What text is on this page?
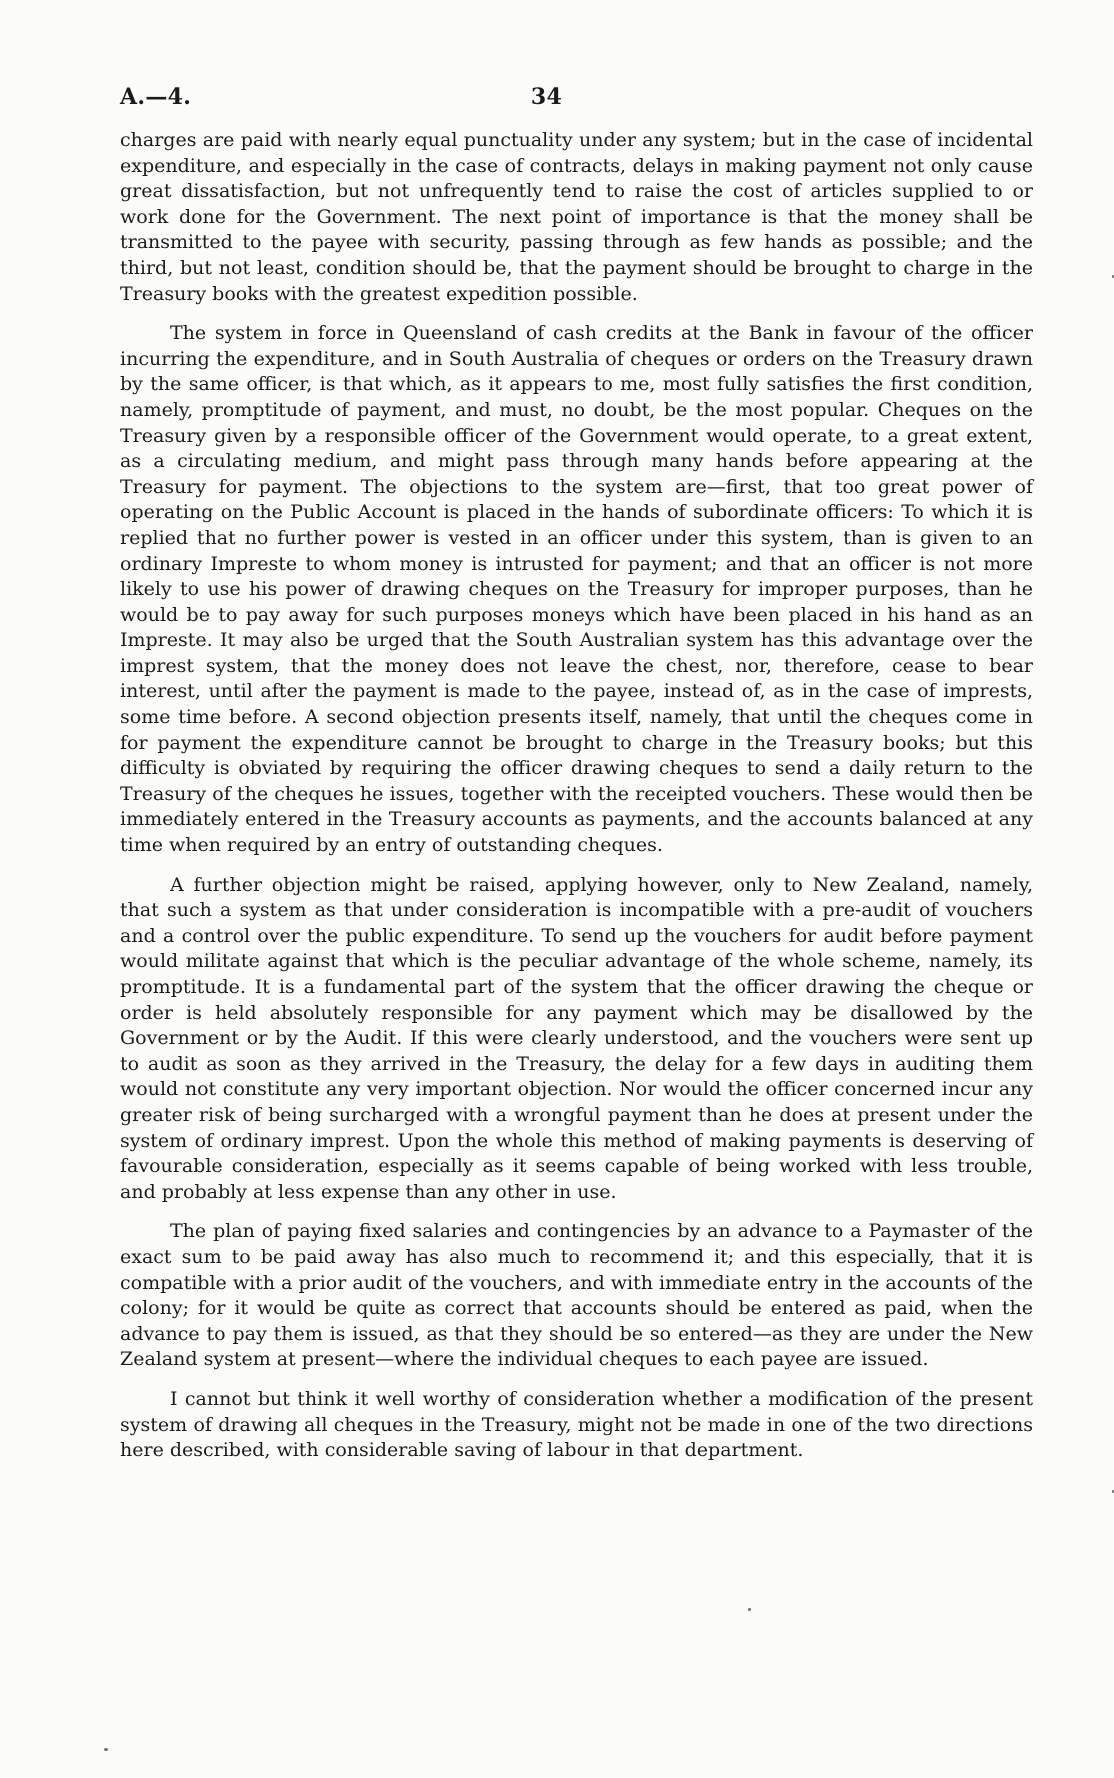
A.—4.	34

charges are paid with nearly equal punctuality under any system; but in the case of incidental expenditure, and especially in the case of contracts, delays in making payment not only cause great dissatisfaction, but not unfrequently tend to raise the cost of articles supplied to or work done for the Government. The next point of importance is that the money shall be transmitted to the payee with security, passing through as few hands as possible; and the third, but not least, condition should be, that the payment should be brought to charge in the Treasury books with the greatest expedition possible.

The system in force in Queensland of cash credits at the Bank in favour of the officer incurring the expenditure, and in South Australia of cheques or orders on the Treasury drawn by the same officer, is that which, as it appears to me, most fully satisfies the first condition, namely, promptitude of payment, and must, no doubt, be the most popular. Cheques on the Treasury given by a responsible officer of the Government would operate, to a great extent, as a circulating medium, and might pass through many hands before appearing at the Treasury for payment. The objections to the system are—first, that too great power of operating on the Public Account is placed in the hands of subordinate officers: To which it is replied that no further power is vested in an officer under this system, than is given to an ordinary Impreste to whom money is intrusted for payment; and that an officer is not more likely to use his power of drawing cheques on the Treasury for improper purposes, than he would be to pay away for such purposes moneys which have been placed in his hand as an Impreste. It may also be urged that the South Australian system has this advantage over the imprest system, that the money does not leave the chest, nor, therefore, cease to bear interest, until after the payment is made to the payee, instead of, as in the case of imprests, some time before. A second objection presents itself, namely, that until the cheques come in for payment the expenditure cannot be brought to charge in the Treasury books; but this difficulty is obviated by requiring the officer drawing cheques to send a daily return to the Treasury of the cheques he issues, together with the receipted vouchers. These would then be immediately entered in the Treasury accounts as payments, and the accounts balanced at any time when required by an entry of outstanding cheques.

A further objection might be raised, applying however, only to New Zealand, namely, that such a system as that under consideration is incompatible with a pre-audit of vouchers and a control over the public expenditure. To send up the vouchers for audit before payment would militate against that which is the peculiar advantage of the whole scheme, namely, its promptitude. It is a fundamental part of the system that the officer drawing the cheque or order is held absolutely responsible for any payment which may be disallowed by the Government or by the Audit. If this were clearly understood, and the vouchers were sent up to audit as soon as they arrived in the Treasury, the delay for a few days in auditing them would not constitute any very important objection. Nor would the officer concerned incur any greater risk of being surcharged with a wrongful payment than he does at present under the system of ordinary imprest. Upon the whole this method of making payments is deserving of favourable consideration, especially as it seems capable of being worked with less trouble, and probably at less expense than any other in use.

The plan of paying fixed salaries and contingencies by an advance to a Paymaster of the exact sum to be paid away has also much to recommend it; and this especially, that it is compatible with a prior audit of the vouchers, and with immediate entry in the accounts of the colony; for it would be quite as correct that accounts should be entered as paid, when the advance to pay them is issued, as that they should be so entered—as they are under the New Zealand system at present—where the individual cheques to each payee are issued.

I cannot but think it well worthy of consideration whether a modification of the present system of drawing all cheques in the Treasury, might not be made in one of the two directions here described, with considerable saving of labour in that department.
